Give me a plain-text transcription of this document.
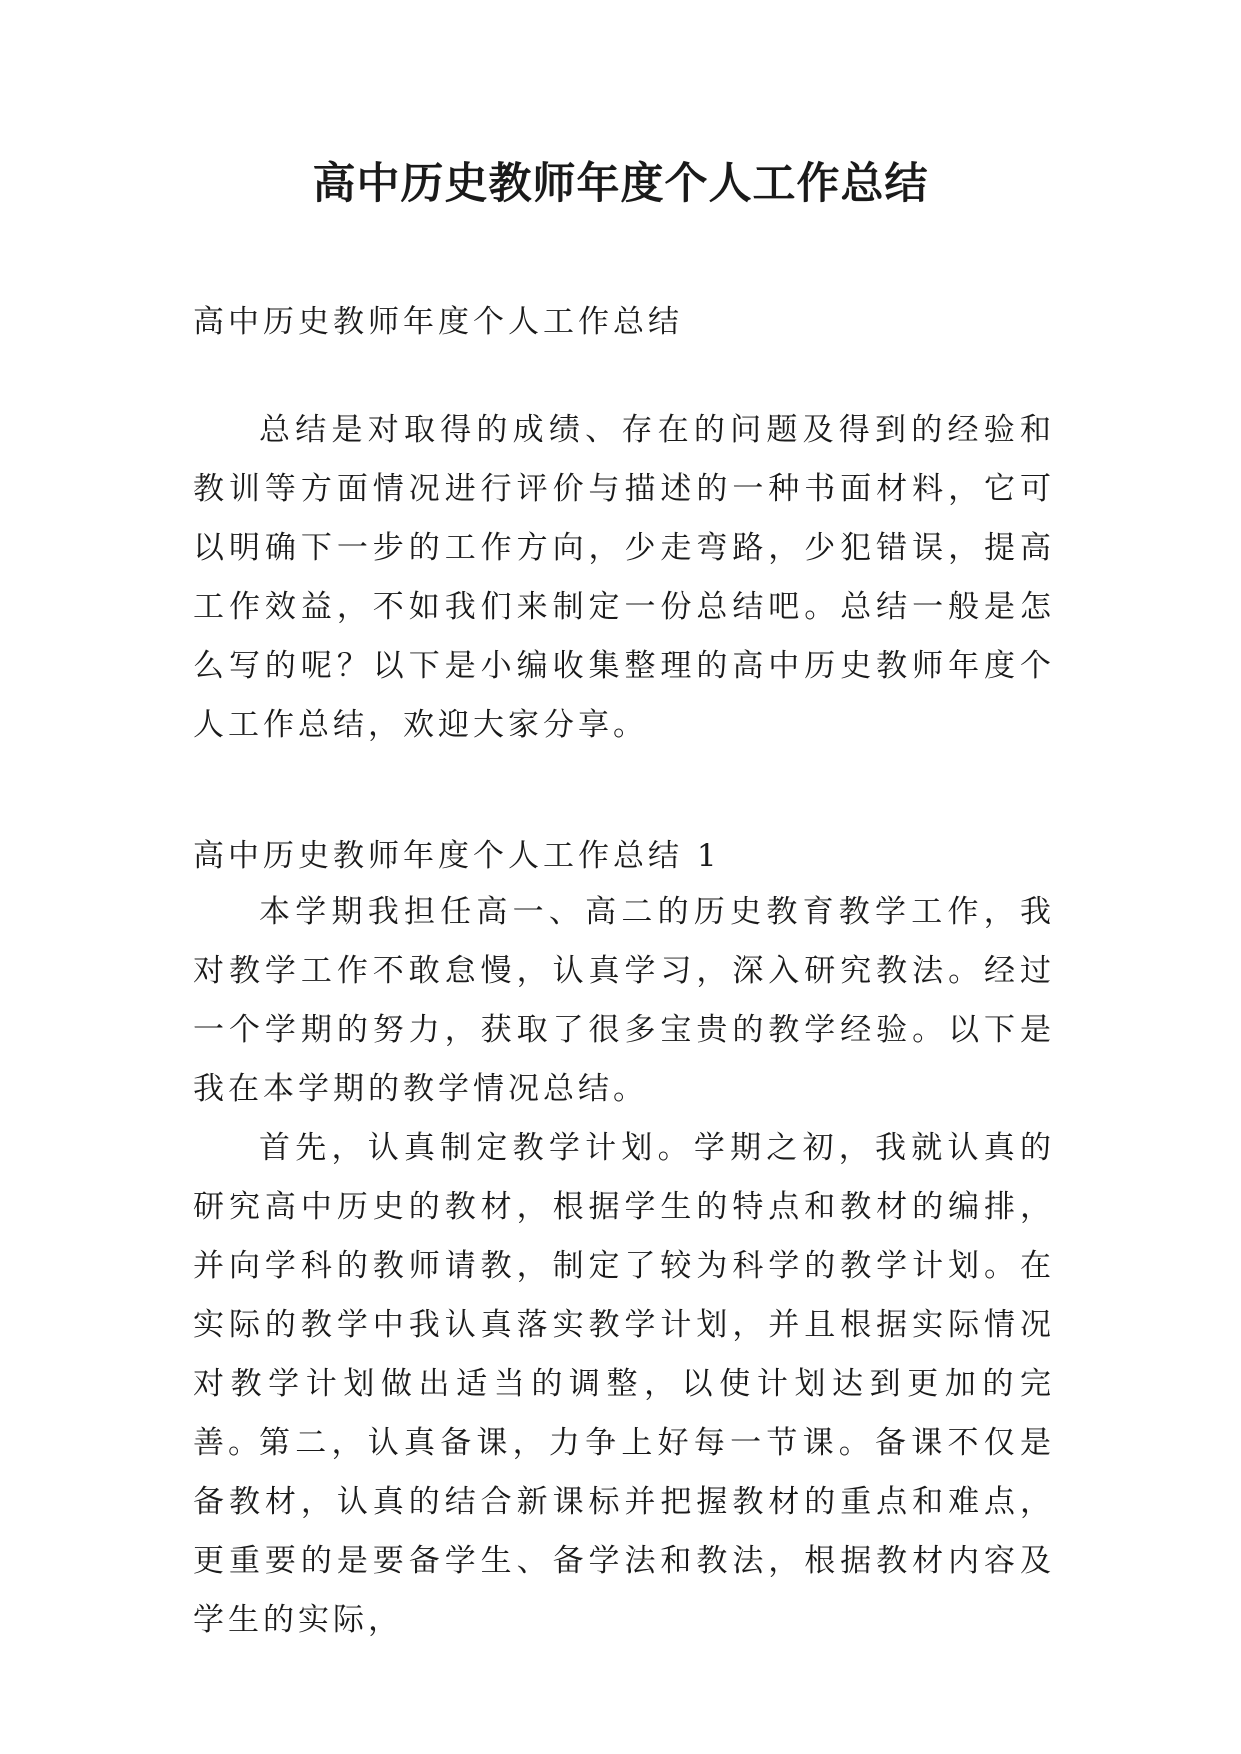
高中历史教师年度个人工作总结

高中历史教师年度个人工作总结

总结是对取得的成绩、存在的问题及得到的经验和教训等方面情况进行评价与描述的一种书面材料，它可以明确下一步的工作方向，少走弯路，少犯错误，提高工作效益，不如我们来制定一份总结吧。总结一般是怎么写的呢？以下是小编收集整理的高中历史教师年度个人工作总结，欢迎大家分享。

高中历史教师年度个人工作总结 1

本学期我担任高一、高二的历史教育教学工作，我对教学工作不敢怠慢，认真学习，深入研究教法。经过一个学期的努力，获取了很多宝贵的教学经验。以下是我在本学期的教学情况总结。

首先，认真制定教学计划。学期之初，我就认真的研究高中历史的教材，根据学生的特点和教材的编排，并向学科的教师请教，制定了较为科学的教学计划。在实际的教学中我认真落实教学计划，并且根据实际情况对教学计划做出适当的调整，以使计划达到更加的完善。

第二，认真备课，力争上好每一节课。备课不仅是备教材，认真的结合新课标并把握教材的重点和难点，更重要的是要备学生、备学法和教法，根据教材内容及学生的实际，
